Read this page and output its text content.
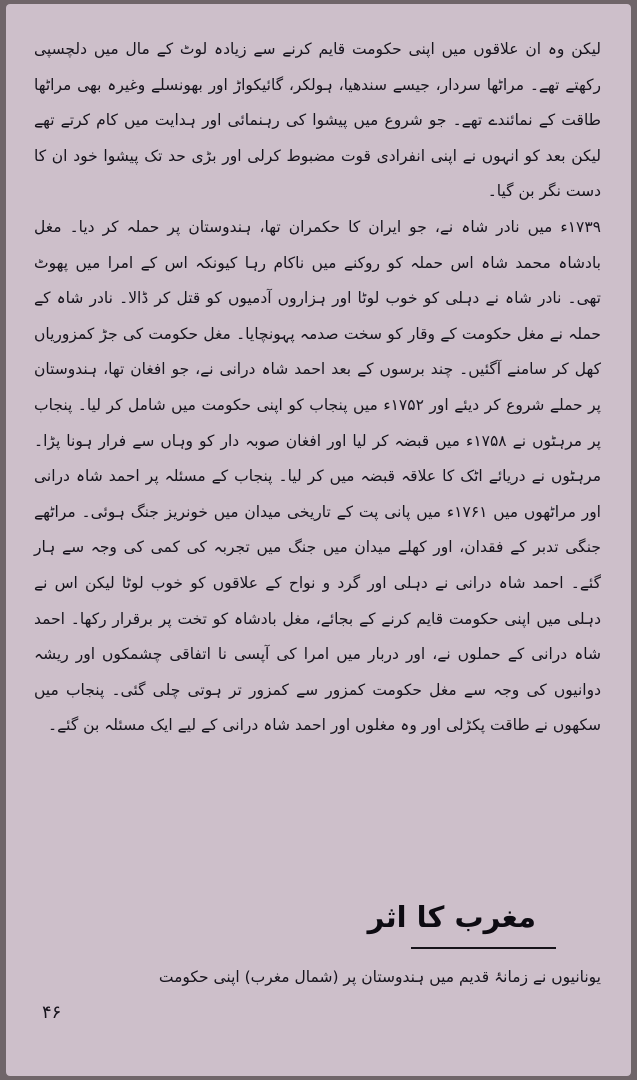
لیکن وہ ان علاقوں میں اپنی حکومت قایم کرنے سے زیادہ لوٹ کے مال میں دلچسپی رکھتے تھے۔ مراٹھا سردار، جیسے سندھیا، ہولکر، گائیکواڑ اور بھونسلے وغیرہ بھی مراٹھا طاقت کے نمائندے تھے۔ جو شروع میں پیشوا کی رہنمائی اور ہدایت میں کام کرتے تھے لیکن بعد کو انہوں نے اپنی انفرادی قوت مضبوط کرلی اور بڑی حد تک پیشوا خود ان کا دست نگر بن گیا۔
۱۷۳۹ء میں نادر شاہ نے، جو ایران کا حکمران تھا، ہندوستان پر حملہ کر دیا۔ مغل بادشاہ محمد شاہ اس حملہ کو روکنے میں ناکام رہا کیونکہ اس کے امرا میں پھوٹ تھی۔ نادر شاہ نے دہلی کو خوب لوٹا اور ہزاروں آدمیوں کو قتل کر ڈالا۔ نادر شاہ کے حملہ نے مغل حکومت کے وقار کو سخت صدمہ پہونچایا۔ مغل حکومت کی جڑ کمزوریاں کھل کر سامنے آگئیں۔ چند برسوں کے بعد احمد شاہ درانی نے، جو افغان تھا، ہندوستان پر حملے شروع کر دیئے اور ۱۷۵۲ء میں پنجاب کو اپنی حکومت میں شامل کر لیا۔ پنجاب پر مرہٹوں نے ۱۷۵۸ء میں قبضہ کر لیا اور افغان صوبہ دار کو وہاں سے فرار ہونا پڑا۔ مرہٹوں نے دریائے اٹک کا علاقہ قبضہ میں کر لیا۔ پنجاب کے مسئلہ پر احمد شاہ درانی اور مراٹھوں میں ۱۷۶۱ء میں پانی پت کے تاریخی میدان میں خونریز جنگ ہوئی۔ مراٹھے جنگی تدبر کے فقدان، اور کھلے میدان میں جنگ میں تجربہ کی کمی کی وجہ سے ہار گئے۔ احمد شاہ درانی نے دہلی اور گرد و نواح کے علاقوں کو خوب لوٹا لیکن اس نے دہلی میں اپنی حکومت قایم کرنے کے بجائے، مغل بادشاہ کو تخت پر برقرار رکھا۔ احمد شاہ درانی کے حملوں نے، اور دربار میں امرا کی آپسی نا اتفاقی چشمکوں اور ریشہ دوانیوں کی وجہ سے مغل حکومت کمزور سے کمزور تر ہوتی چلی گئی۔ پنجاب میں سکھوں نے طاقت پکڑلی اور وہ مغلوں اور احمد شاہ درانی کے لیے ایک مسئلہ بن گئے۔

مغرب کا اثر

یونانیوں نے زمانۂ قدیم میں ہندوستان پر (شمال مغرب) اپنی حکومت

۴۶
